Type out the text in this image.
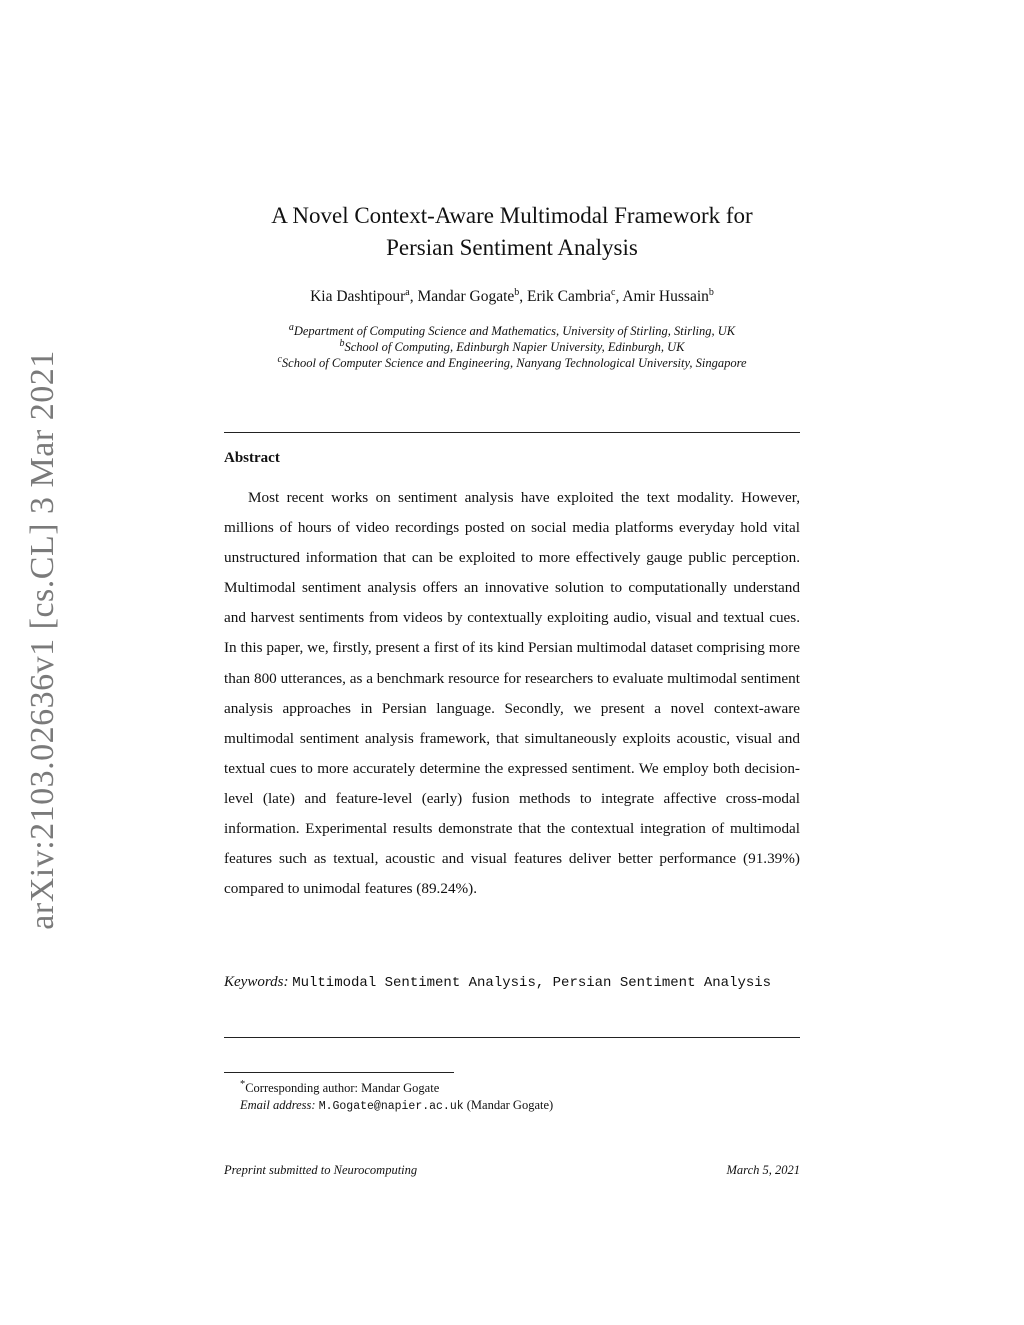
arXiv:2103.02636v1 [cs.CL] 3 Mar 2021
A Novel Context-Aware Multimodal Framework for
Persian Sentiment Analysis
Kia Dashtipour$^a$, Mandar Gogate$^b$, Erik Cambria$^c$, Amir Hussain$^b$
$^a$Department of Computing Science and Mathematics, University of Stirling, Stirling, UK
$^b$School of Computing, Edinburgh Napier University, Edinburgh, UK
$^c$School of Computer Science and Engineering, Nanyang Technological University, Singapore
Abstract

Most recent works on sentiment analysis have exploited the text modality. However, millions of hours of video recordings posted on social media platforms everyday hold vital unstructured information that can be exploited to more effectively gauge public perception. Multimodal sentiment analysis offers an innovative solution to computationally understand and harvest sentiments from videos by contextually exploiting audio, visual and textual cues. In this paper, we, firstly, present a first of its kind Persian multimodal dataset comprising more than 800 utterances, as a benchmark resource for researchers to evaluate multimodal sentiment analysis approaches in Persian language. Secondly, we present a novel context-aware multimodal sentiment analysis framework, that simultaneously exploits acoustic, visual and textual cues to more accurately determine the expressed sentiment. We employ both decision-level (late) and feature-level (early) fusion methods to integrate affective cross-modal information. Experimental results demonstrate that the contextual integration of multimodal features such as textual, acoustic and visual features deliver better performance (91.39%) compared to unimodal features (89.24%).

Keywords: Multimodal Sentiment Analysis, Persian Sentiment Analysis
*Corresponding author: Mandar Gogate
Email address: M.Gogate@napier.ac.uk (Mandar Gogate)
Preprint submitted to Neurocomputing	March 5, 2021
